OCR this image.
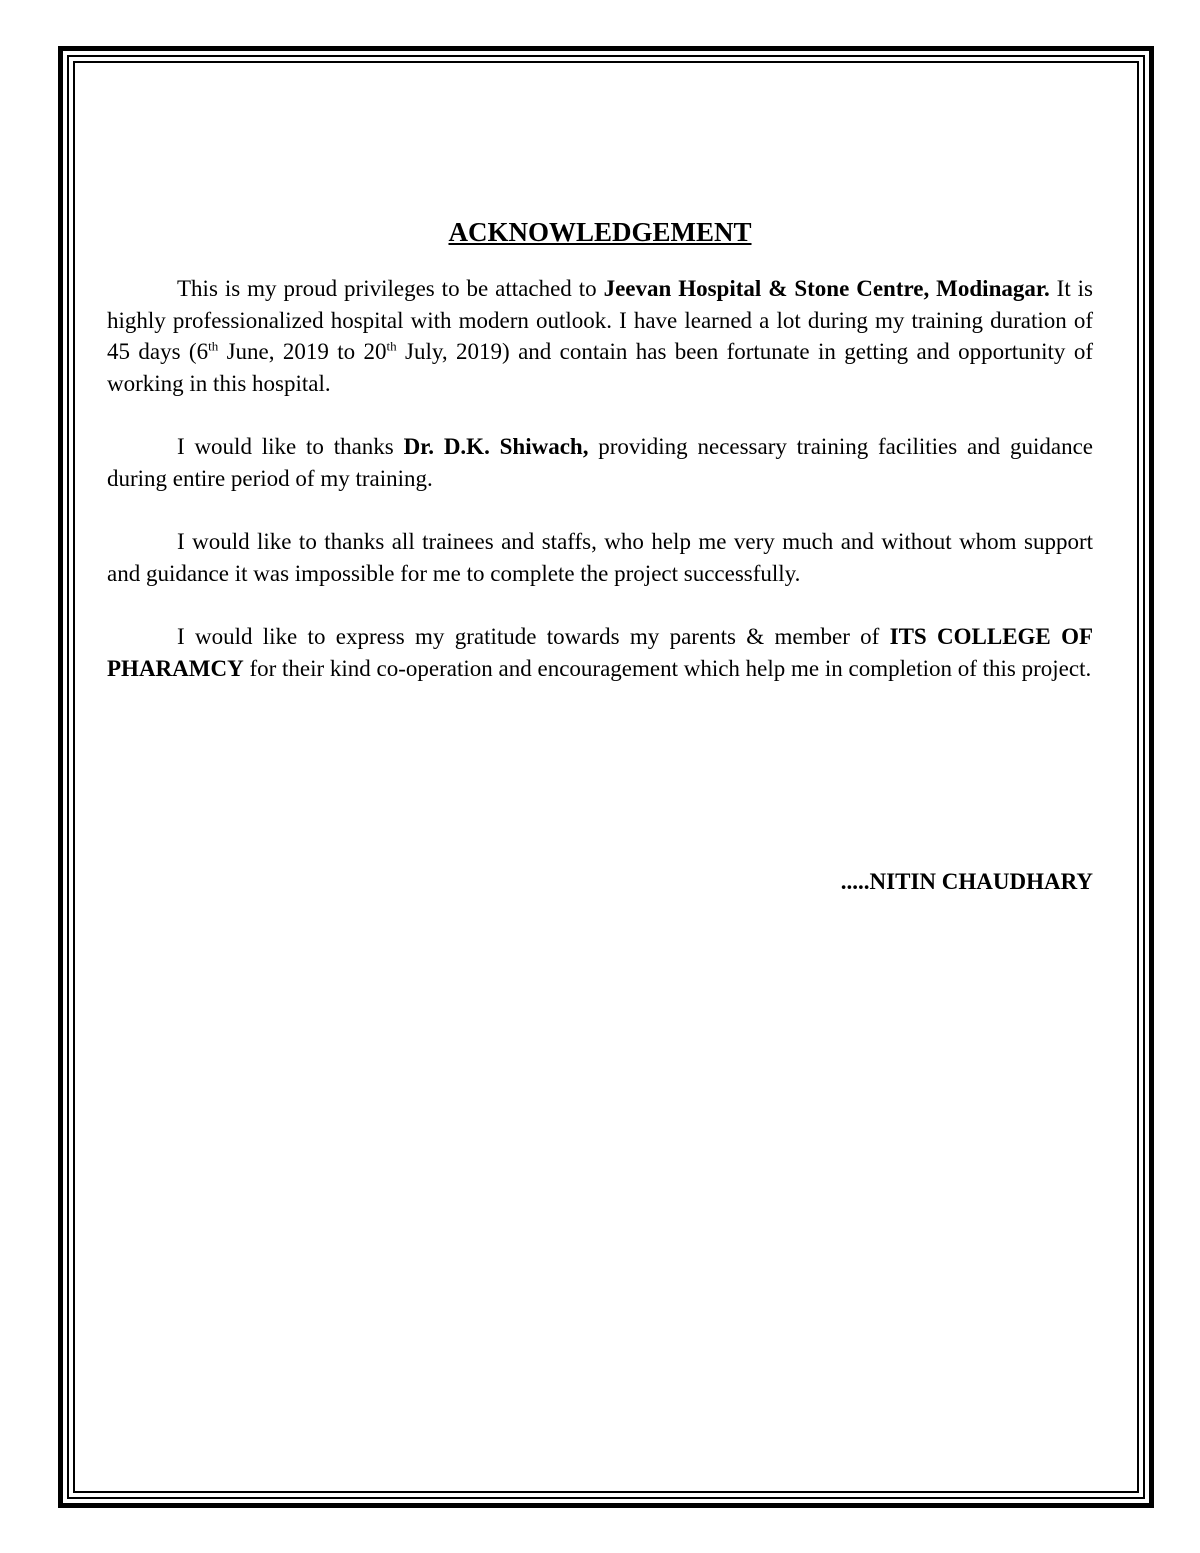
ACKNOWLEDGEMENT

This is my proud privileges to be attached to Jeevan Hospital & Stone Centre, Modinagar. It is highly professionalized hospital with modern outlook. I have learned a lot during my training duration of 45 days (6th June, 2019 to 20th July, 2019) and contain has been fortunate in getting and opportunity of working in this hospital.

I would like to thanks Dr. D.K. Shiwach, providing necessary training facilities and guidance during entire period of my training.

I would like to thanks all trainees and staffs, who help me very much and without whom support and guidance it was impossible for me to complete the project successfully.

I would like to express my gratitude towards my parents & member of ITS COLLEGE OF PHARAMCY for their kind co-operation and encouragement which help me in completion of this project.

.....NITIN CHAUDHARY
